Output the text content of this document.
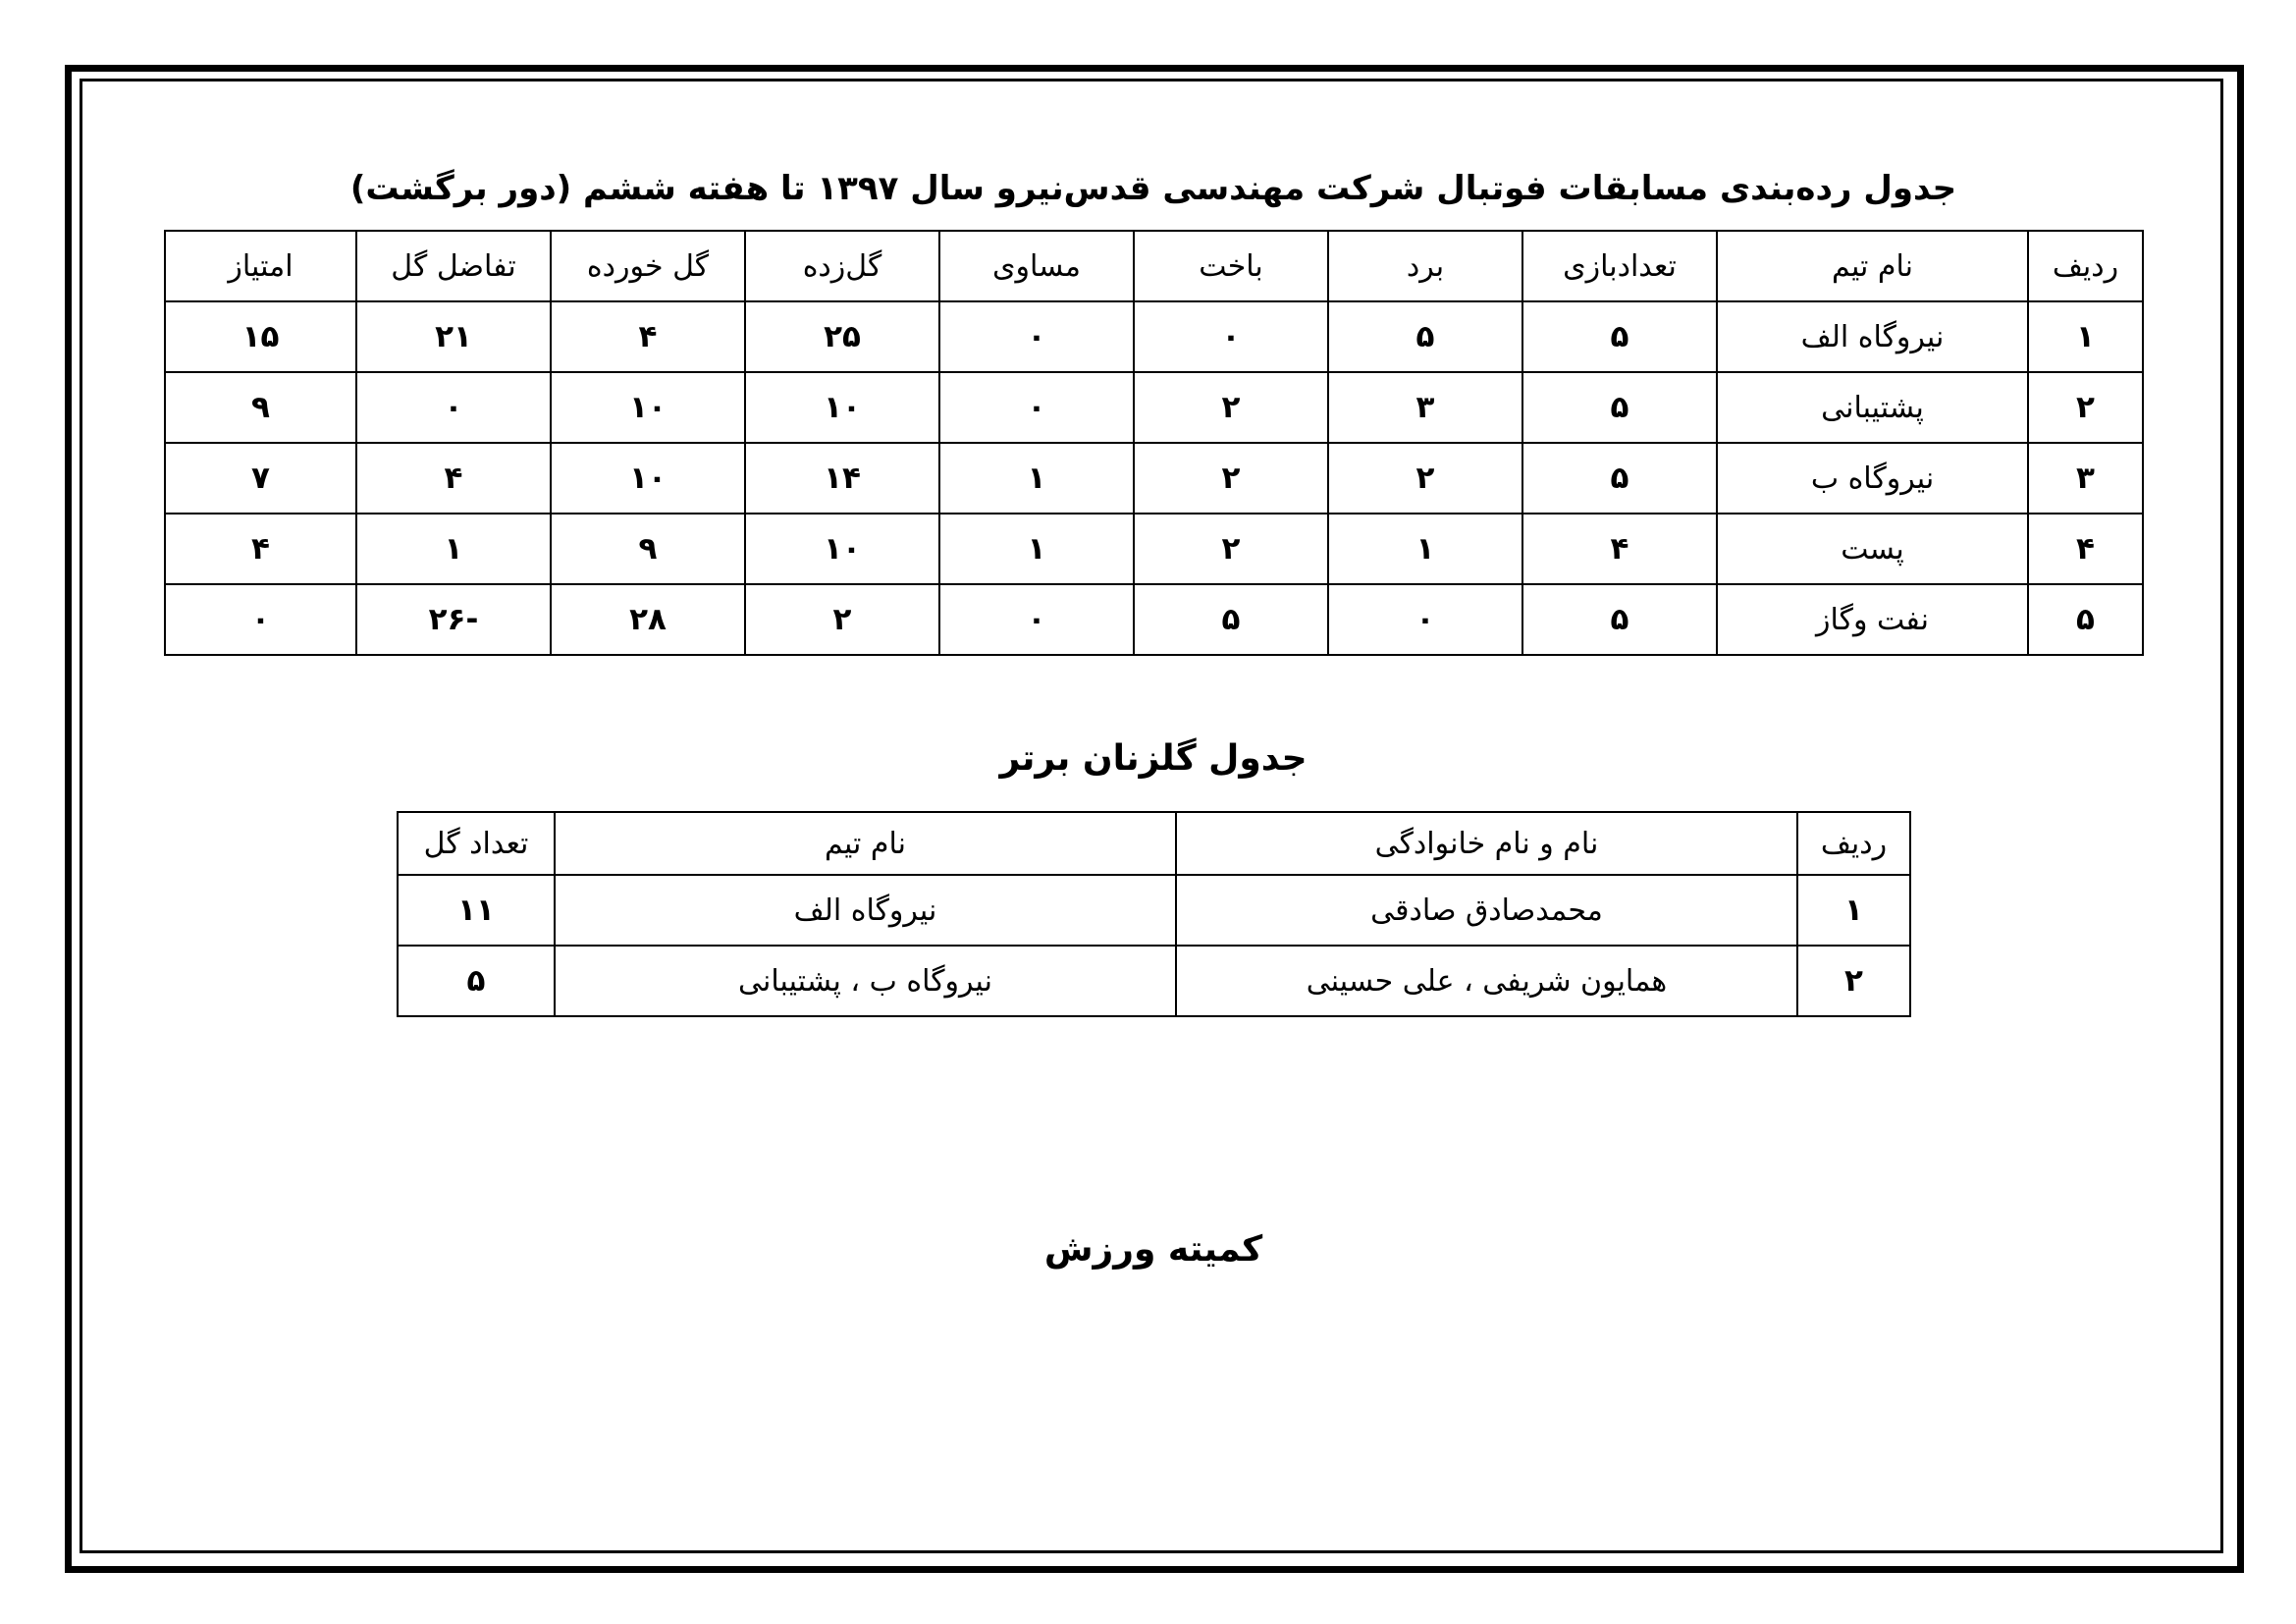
جدول رده‌بندی مسابقات فوتبال شرکت مهندسی قدس‌نیرو سال ۱۳۹۷ تا هفته ششم (دور برگشت)
ردیف	نام تیم	تعدادبازی	برد	باخت	مساوی	گل‌زده	گل خورده	تفاضل گل	امتیاز
۱	نیروگاه الف	۵	۵	۰	۰	۲۵	۴	۲۱	۱۵
۲	پشتیبانی	۵	۳	۲	۰	۱۰	۱۰	۰	۹
۳	نیروگاه ب	۵	۲	۲	۱	۱۴	۱۰	۴	۷
۴	پست	۴	۱	۲	۱	۱۰	۹	۱	۴
۵	نفت وگاز	۵	۰	۵	۰	۲	۲۸	-۲۶	۰
جدول گلزنان برتر
ردیف	نام و نام خانوادگی	نام تیم	تعداد گل
۱	محمدصادق صادقی	نیروگاه الف	۱۱
۲	همایون شریفی ، علی حسینی	نیروگاه ب ، پشتیبانی	۵
کمیته ورزش
